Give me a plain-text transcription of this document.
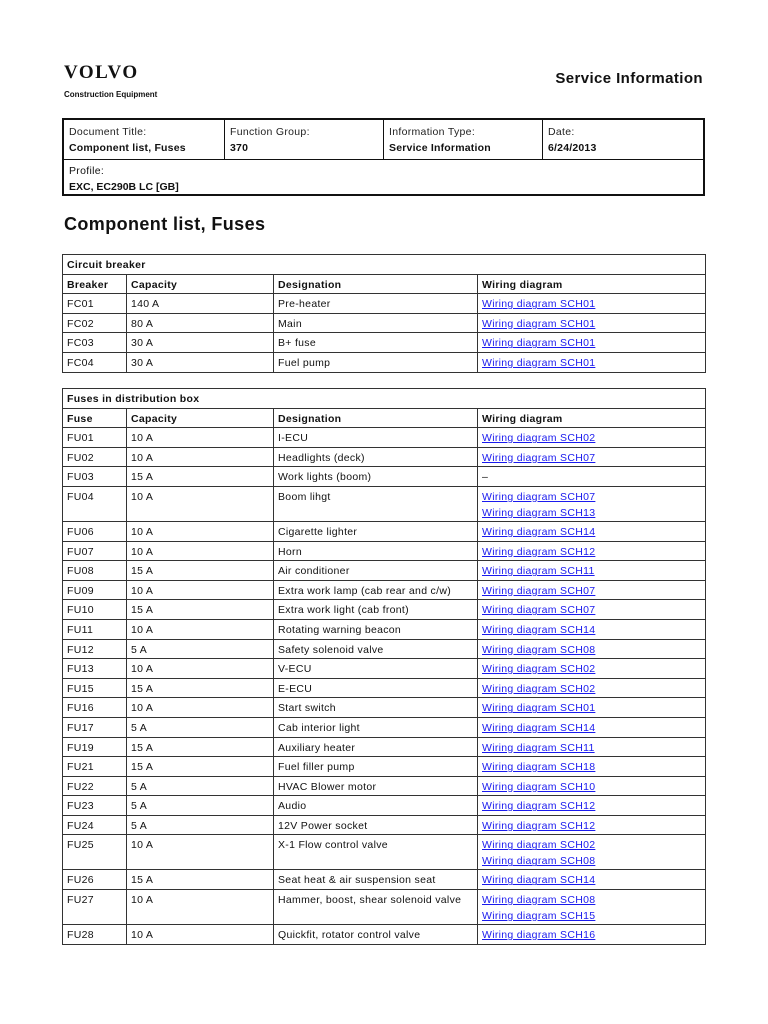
VOLVO
Construction Equipment
Service Information
Document Title:
Component list, Fuses
Function Group:
370
Information Type:
Service Information
Date:
6/24/2013
Profile:
EXC, EC290B LC [GB]
Component list, Fuses
Circuit breaker			
Breaker	Capacity	Designation	Wiring diagram
FC01	140 A	Pre-heater	Wiring diagram SCH01

FC02	80 A	Main	Wiring diagram SCH01

FC03	30 A	B+ fuse	Wiring diagram SCH01

FC04	30 A	Fuel pump	Wiring diagram SCH01
Fuses in distribution box			
Fuse	Capacity	Designation	Wiring diagram
FU01	10 A	I-ECU	Wiring diagram SCH02

FU02	10 A	Headlights (deck)	Wiring diagram SCH07

FU03	15 A	Work lights (boom)	–
FU04	10 A	Boom lihgt	Wiring diagram SCH07
Wiring diagram SCH13

FU06	10 A	Cigarette lighter	Wiring diagram SCH14

FU07	10 A	Horn	Wiring diagram SCH12

FU08	15 A	Air conditioner	Wiring diagram SCH11

FU09	10 A	Extra work lamp (cab rear and c/w)	Wiring diagram SCH07

FU10	15 A	Extra work light (cab front)	Wiring diagram SCH07

FU11	10 A	Rotating warning beacon	Wiring diagram SCH14

FU12	5 A	Safety solenoid valve	Wiring diagram SCH08

FU13	10 A	V-ECU	Wiring diagram SCH02

FU15	15 A	E-ECU	Wiring diagram SCH02

FU16	10 A	Start switch	Wiring diagram SCH01

FU17	5 A	Cab interior light	Wiring diagram SCH14

FU19	15 A	Auxiliary heater	Wiring diagram SCH11

FU21	15 A	Fuel filler pump	Wiring diagram SCH18

FU22	5 A	HVAC Blower motor	Wiring diagram SCH10

FU23	5 A	Audio	Wiring diagram SCH12

FU24	5 A	12V Power socket	Wiring diagram SCH12

FU25	10 A	X-1 Flow control valve	Wiring diagram SCH02
Wiring diagram SCH08

FU26	15 A	Seat heat & air suspension seat	Wiring diagram SCH14

FU27	10 A	Hammer, boost, shear solenoid valve	Wiring diagram SCH08
Wiring diagram SCH15

FU28	10 A	Quickfit, rotator control valve	Wiring diagram SCH16
